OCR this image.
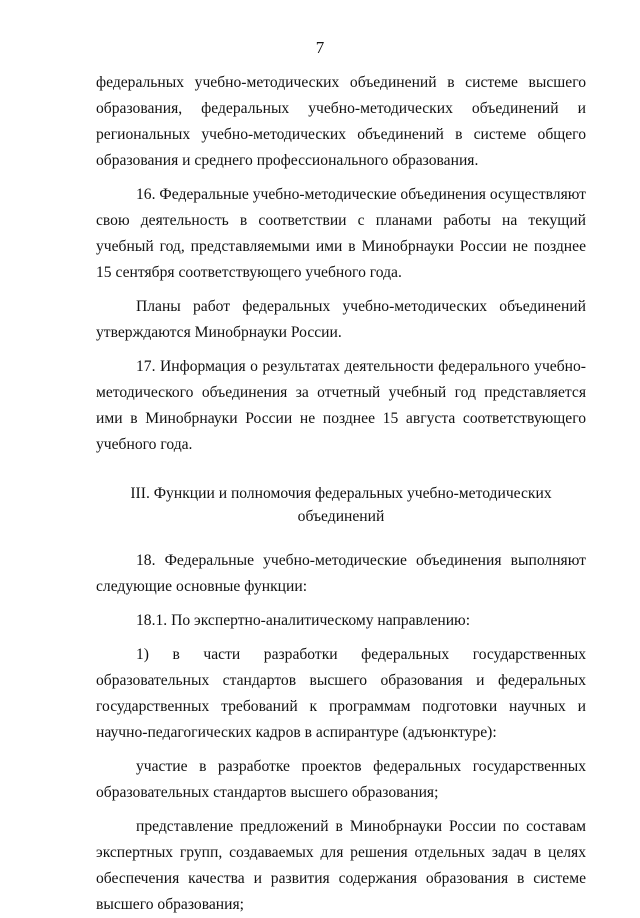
7

федеральных учебно-методических объединений в системе высшего образования, федеральных учебно-методических объединений и региональных учебно-методических объединений в системе общего образования и среднего профессионального образования.

16. Федеральные учебно-методические объединения осуществляют свою деятельность в соответствии с планами работы на текущий учебный год, представляемыми ими в Минобрнауки России не позднее 15 сентября соответствующего учебного года.

Планы работ федеральных учебно-методических объединений утверждаются Минобрнауки России.

17. Информация о результатах деятельности федерального учебно-методического объединения за отчетный учебный год представляется ими в Минобрнауки России не позднее 15 августа соответствующего учебного года.

III. Функции и полномочия федеральных учебно-методических
объединений

18. Федеральные учебно-методические объединения выполняют следующие основные функции:

18.1. По экспертно-аналитическому направлению:

1) в части разработки федеральных государственных образовательных стандартов высшего образования и федеральных государственных требований к программам подготовки научных и научно-педагогических кадров в аспирантуре (адъюнктуре):

участие в разработке проектов федеральных государственных образовательных стандартов высшего образования;

представление предложений в Минобрнауки России по составам экспертных групп, создаваемых для решения отдельных задач в целях обеспечения качества и развития содержания образования в системе высшего образования;
